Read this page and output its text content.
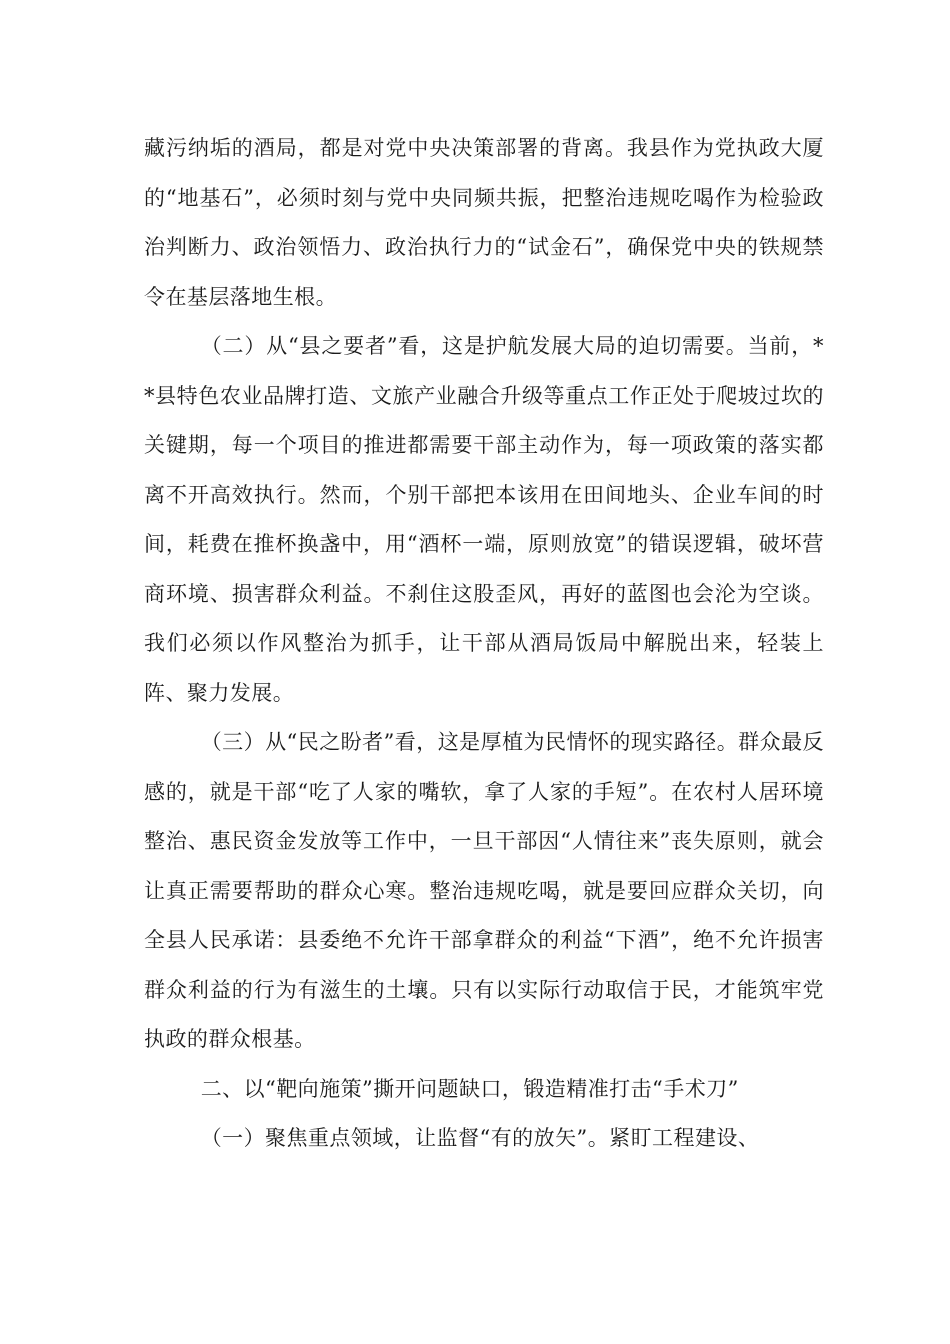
藏污纳垢的酒局，都是对党中央决策部署的背离。我县作为党执政大厦的“地基石”，必须时刻与党中央同频共振，把整治违规吃喝作为检验政治判断力、政治领悟力、政治执行力的“试金石”，确保党中央的铁规禁令在基层落地生根。

（二）从“县之要者”看，这是护航发展大局的迫切需要。当前，**县特色农业品牌打造、文旅产业融合升级等重点工作正处于爬坡过坎的关键期，每一个项目的推进都需要干部主动作为，每一项政策的落实都离不开高效执行。然而，个别干部把本该用在田间地头、企业车间的时间，耗费在推杯换盏中，用“酒杯一端，原则放宽”的错误逻辑，破坏营商环境、损害群众利益。不刹住这股歪风，再好的蓝图也会沦为空谈。我们必须以作风整治为抓手，让干部从酒局饭局中解脱出来，轻装上阵、聚力发展。

（三）从“民之盼者”看，这是厚植为民情怀的现实路径。群众最反感的，就是干部“吃了人家的嘴软，拿了人家的手短”。在农村人居环境整治、惠民资金发放等工作中，一旦干部因“人情往来”丧失原则，就会让真正需要帮助的群众心寒。整治违规吃喝，就是要回应群众关切，向全县人民承诺：县委绝不允许干部拿群众的利益“下酒”，绝不允许损害群众利益的行为有滋生的土壤。只有以实际行动取信于民，才能筑牢党执政的群众根基。

二、以“靶向施策”撕开问题缺口，锻造精准打击“手术刀”

（一）聚焦重点领域，让监督“有的放矢”。紧盯工程建设、
